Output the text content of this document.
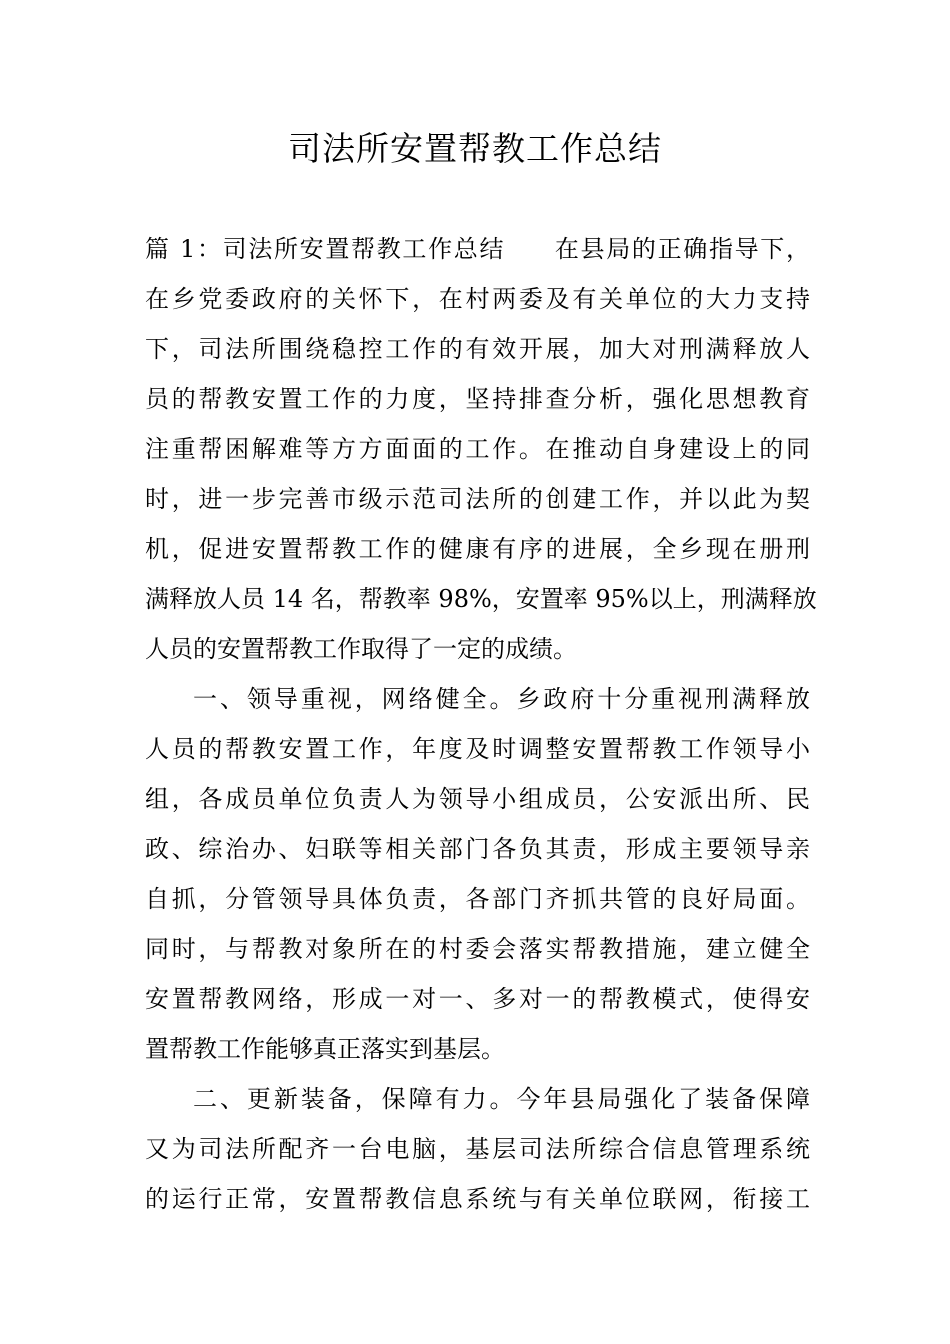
司法所安置帮教工作总结
篇 1：司法所安置帮教工作总结 在县局的正确指导下，
在乡党委政府的关怀下，在村两委及有关单位的大力支持
下，司法所围绕稳控工作的有效开展，加大对刑满释放人
员的帮教安置工作的力度，坚持排查分析，强化思想教育
注重帮困解难等方方面面的工作。在推动自身建设上的同
时，进一步完善市级示范司法所的创建工作，并以此为契
机，促进安置帮教工作的健康有序的进展，全乡现在册刑
满释放人员 14 名，帮教率 98%，安置率 95%以上，刑满释放
人员的安置帮教工作取得了一定的成绩。
一、领导重视，网络健全。乡政府十分重视刑满释放
人员的帮教安置工作，年度及时调整安置帮教工作领导小
组，各成员单位负责人为领导小组成员，公安派出所、民
政、综治办、妇联等相关部门各负其责，形成主要领导亲
自抓，分管领导具体负责，各部门齐抓共管的良好局面。
同时，与帮教对象所在的村委会落实帮教措施，建立健全
安置帮教网络，形成一对一、多对一的帮教模式，使得安
置帮教工作能够真正落实到基层。
二、更新装备，保障有力。今年县局强化了装备保障
又为司法所配齐一台电脑，基层司法所综合信息管理系统
的运行正常，安置帮教信息系统与有关单位联网，衔接工
